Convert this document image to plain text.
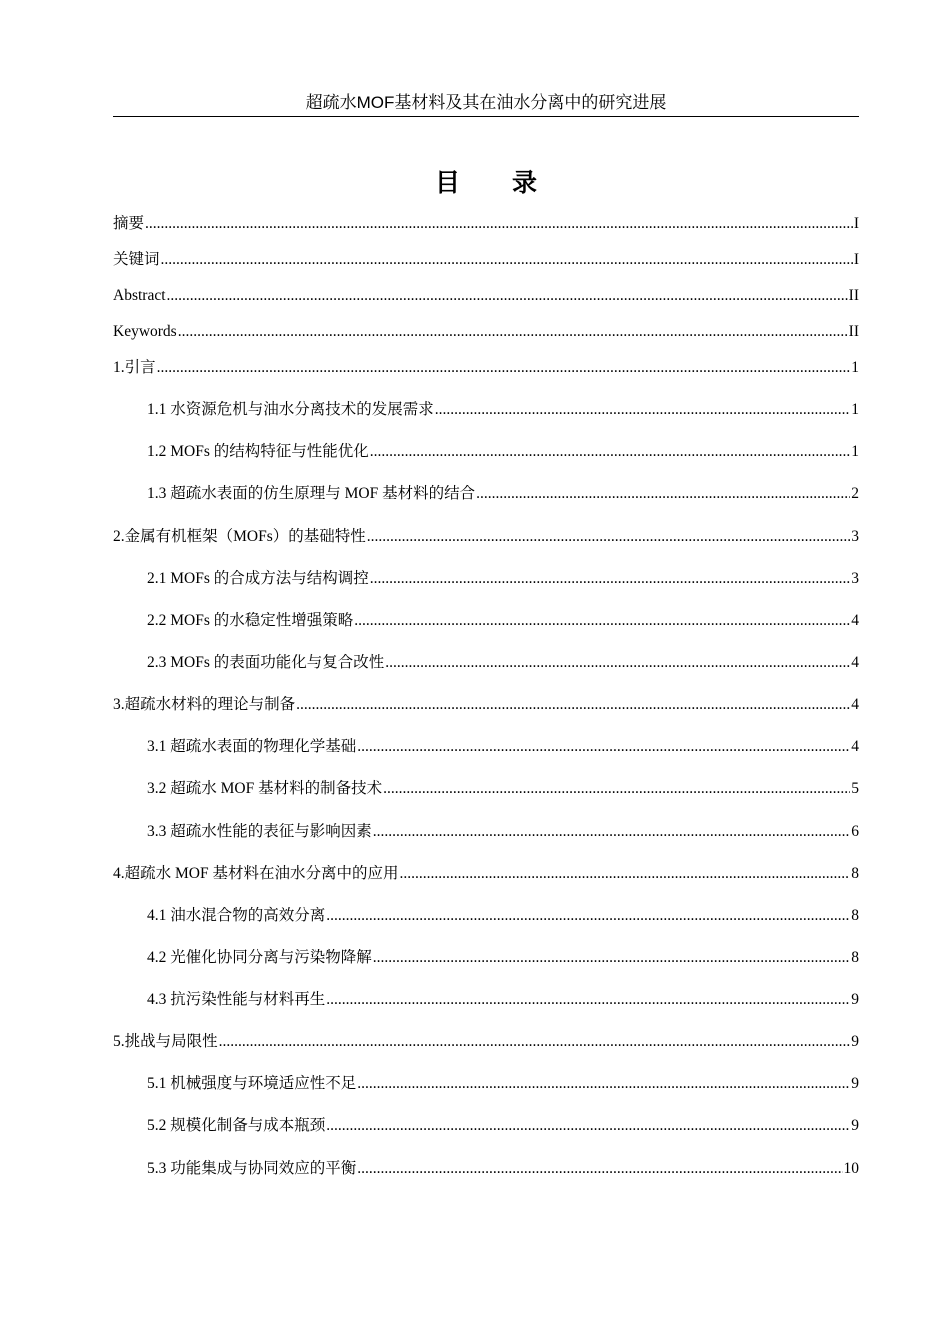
超疏水MOF基材料及其在油水分离中的研究进展
目 录
摘要 .....	I
关键词 .....	I
Abstract .....	II
Keywords .....	II
1.引言 .....	1
1.1 水资源危机与油水分离技术的发展需求 .....	1
1.2 MOFs 的结构特征与性能优化 .....	1
1.3 超疏水表面的仿生原理与 MOF 基材料的结合 .....	2
2.金属有机框架（MOFs）的基础特性 .....	3
2.1 MOFs 的合成方法与结构调控 .....	3
2.2 MOFs 的水稳定性增强策略 .....	4
2.3 MOFs 的表面功能化与复合改性 .....	4
3.超疏水材料的理论与制备 .....	4
3.1 超疏水表面的物理化学基础 .....	4
3.2 超疏水 MOF 基材料的制备技术 .....	5
3.3 超疏水性能的表征与影响因素 .....	6
4.超疏水 MOF 基材料在油水分离中的应用 .....	8
4.1 油水混合物的高效分离 .....	8
4.2 光催化协同分离与污染物降解 .....	8
4.3 抗污染性能与材料再生 .....	9
5.挑战与局限性 .....	9
5.1 机械强度与环境适应性不足 .....	9
5.2 规模化制备与成本瓶颈 .....	9
5.3 功能集成与协同效应的平衡 .....	10
